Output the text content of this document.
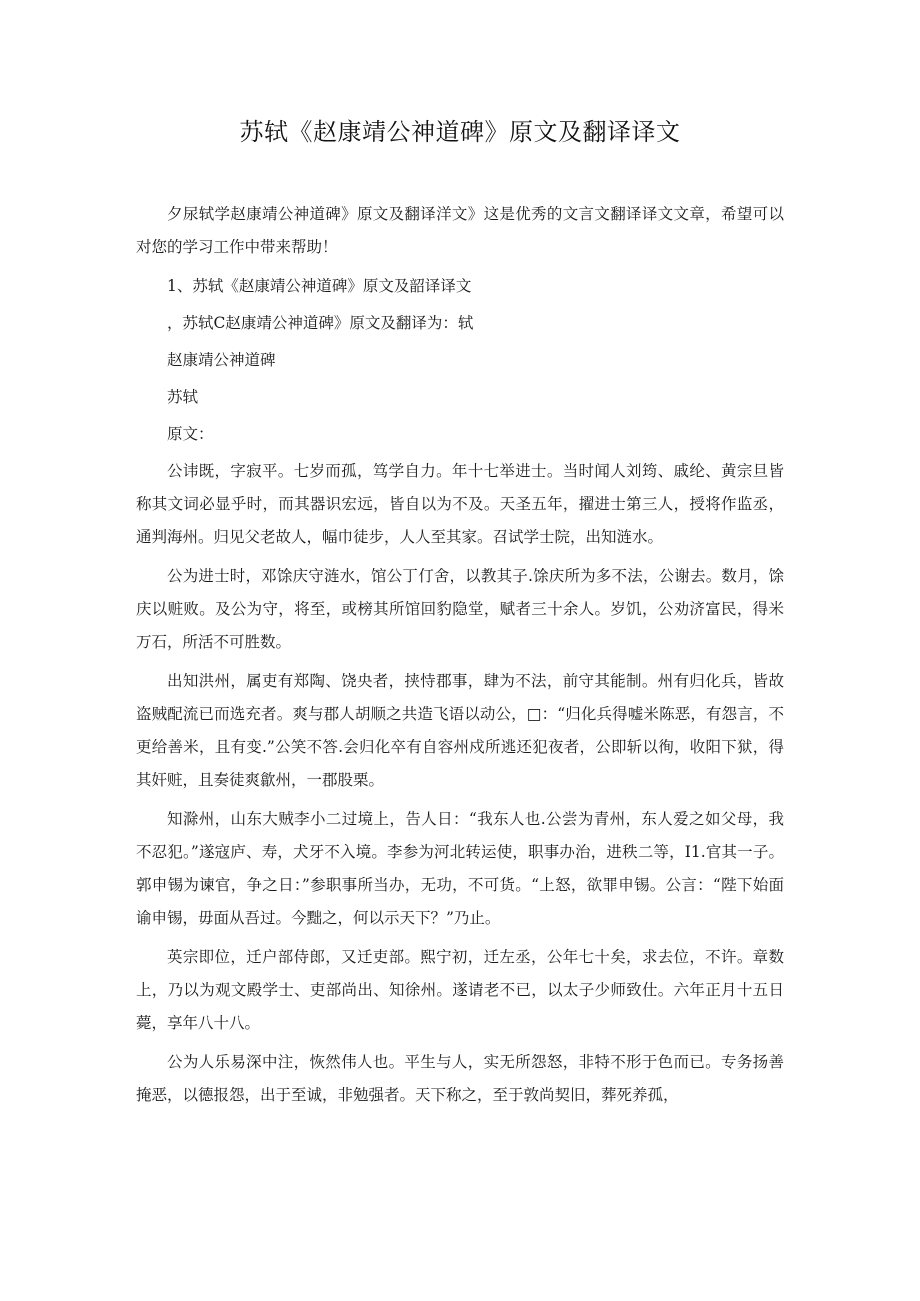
苏轼《赵康靖公神道碑》原文及翻译译文

夕尿轼学赵康靖公神道碑》原文及翻译洋文》这是优秀的文言文翻译译文文章，希望可以对您的学习工作中带来帮助！

1、苏轼《赵康靖公神道碑》原文及韶译译文

，苏轼C赵康靖公神道碑》原文及翻译为：轼

赵康靖公神道碑

苏轼

原文：

公讳既，字寂平。七岁而孤，笃学自力。年十七举进士。当时闻人刘筠、戚纶、黄宗旦皆称其文词必显乎时，而其器识宏远，皆自以为不及。天圣五年，擢进士第三人，授将作监丞，通判海州。归见父老故人，幅巾徒步，人人至其家。召试学士院，出知涟水。

公为进士时，邓馀庆守涟水，馆公丁仃舍，以教其子.馀庆所为多不法，公谢去。数月，馀庆以赃败。及公为守，将至，或榜其所馆回豹隐堂，赋者三十余人。岁饥，公劝济富民，得米万石，所活不可胜数。

出知洪州，属吏有郑陶、饶央者，挟恃郡事，肆为不法，前守其能制。州有归化兵，皆故盗贼配流已而选充者。爽与郡人胡顺之共造飞语以动公，□：“归化兵得嘘米陈恶，有怨言，不更给善米，且有变.”公笑不答.会归化卒有自容州戍所逃还犯夜者，公即斩以徇，收阳下狱，得其奸赃，且奏徒爽歙州，一郡股栗。

知滁州，山东大贼李小二过境上，告人日：“我东人也.公尝为青州，东人爱之如父母，我不忍犯。”遂寇庐、寿，犬牙不入境。李参为河北转运使，职事办治，进秩二等，I1.官其一子。郭申锡为谏官，争之日：”参职事所当办，无功，不可货。“上怒，欲罪申锡。公言：“陛下始面谕申锡，毋面从吾过。今黜之，何以示天下？”乃止。

英宗即位，迁户部侍郎，又迁吏部。熙宁初，迁左丞，公年七十矣，求去位，不许。章数上，乃以为观文殿学士、吏部尚出、知徐州。遂请老不已，以太子少师致仕。六年正月十五日薨，享年八十八。

公为人乐易深中注，恢然伟人也。平生与人，实无所怨怒，非特不形于色而已。专务扬善掩恶，以德报怨，出于至诚，非勉强者。天下称之，至于敦尚契旧，葬死养孤，
